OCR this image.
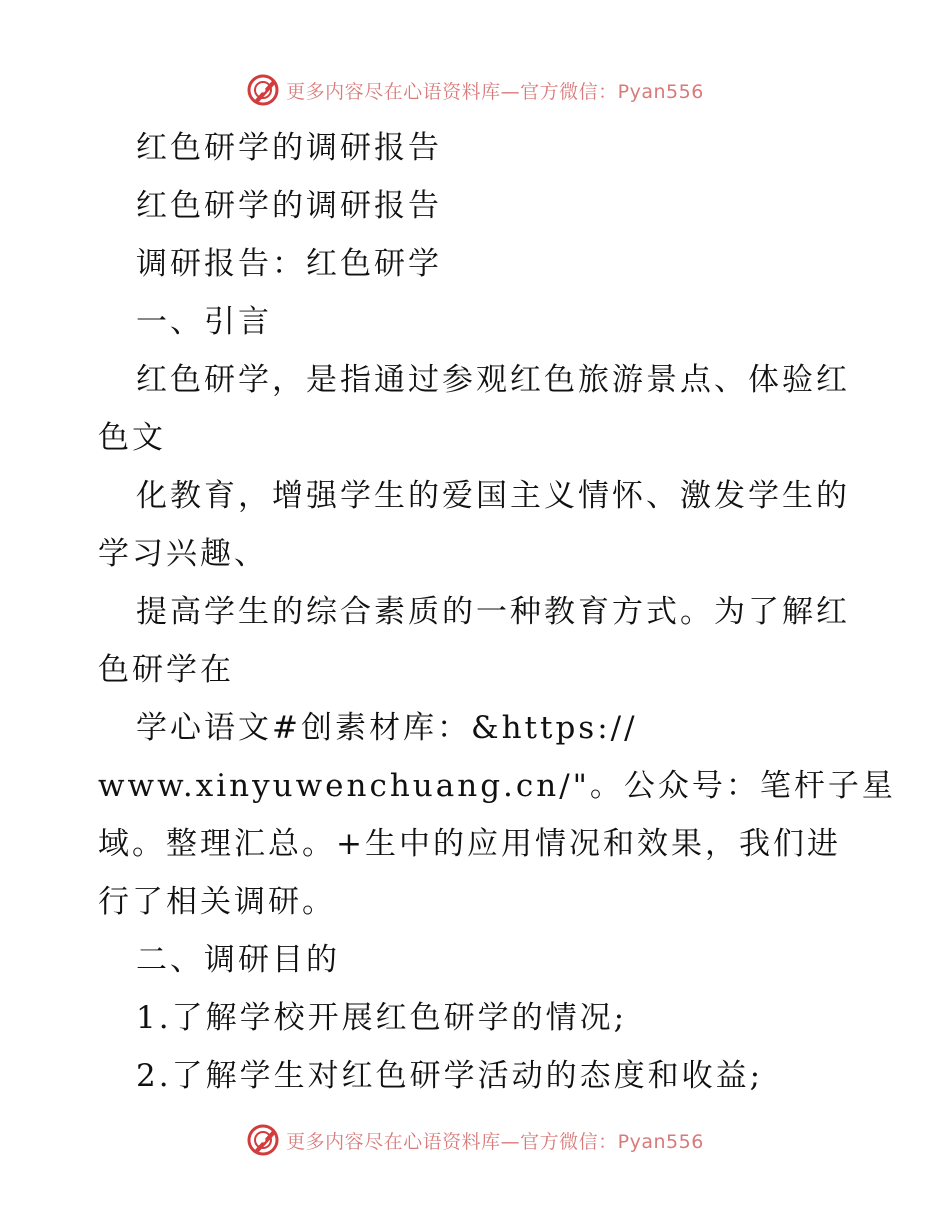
更多内容尽在心语资料库—官方微信：Pyan556
红色研学的调研报告
红色研学的调研报告
调研报告：红色研学
一、引言
红色研学，是指通过参观红色旅游景点、体验红
色文
化教育，增强学生的爱国主义情怀、激发学生的
学习兴趣、
提高学生的综合素质的一种教育方式。为了解红
色研学在
学心语文#创素材库：&https://
www.xinyuwenchuang.cn/"。公众号：笔杆子星
域。整理汇总。+生中的应用情况和效果，我们进
行了相关调研。
二、调研目的
1.了解学校开展红色研学的情况;
2.了解学生对红色研学活动的态度和收益;
更多内容尽在心语资料库—官方微信：Pyan556
